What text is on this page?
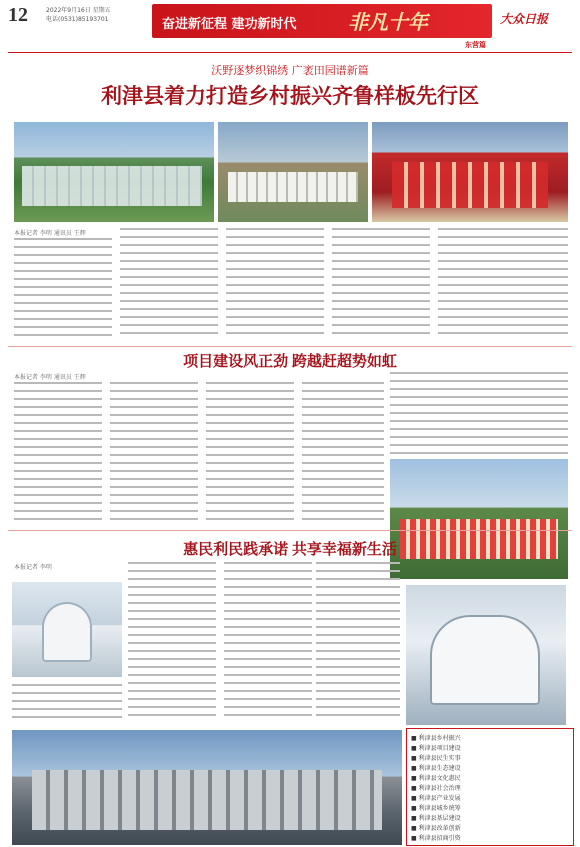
12	2022年9月16日 星期五
电话(0531)85193701	奋进新征程 建功新时代	非凡十年
东营篇
大众日报
沃野逐梦织锦绣 广袤田园谱新篇
利津县着力打造乡村振兴齐鲁样板先行区
本报记者 李明 通讯员 王辉
项目建设风正劲 跨越赶超势如虹
本报记者 李明 通讯员 王辉
惠民利民践承诺 共享幸福新生活
本报记者 李明
■ 利津县乡村振兴
■ 利津县项目建设
■ 利津县民生实事
■ 利津县生态建设
■ 利津县文化惠民
■ 利津县社会治理
■ 利津县产业发展
■ 利津县城乡统筹
■ 利津县基层建设
■ 利津县改革创新
■ 利津县招商引资
